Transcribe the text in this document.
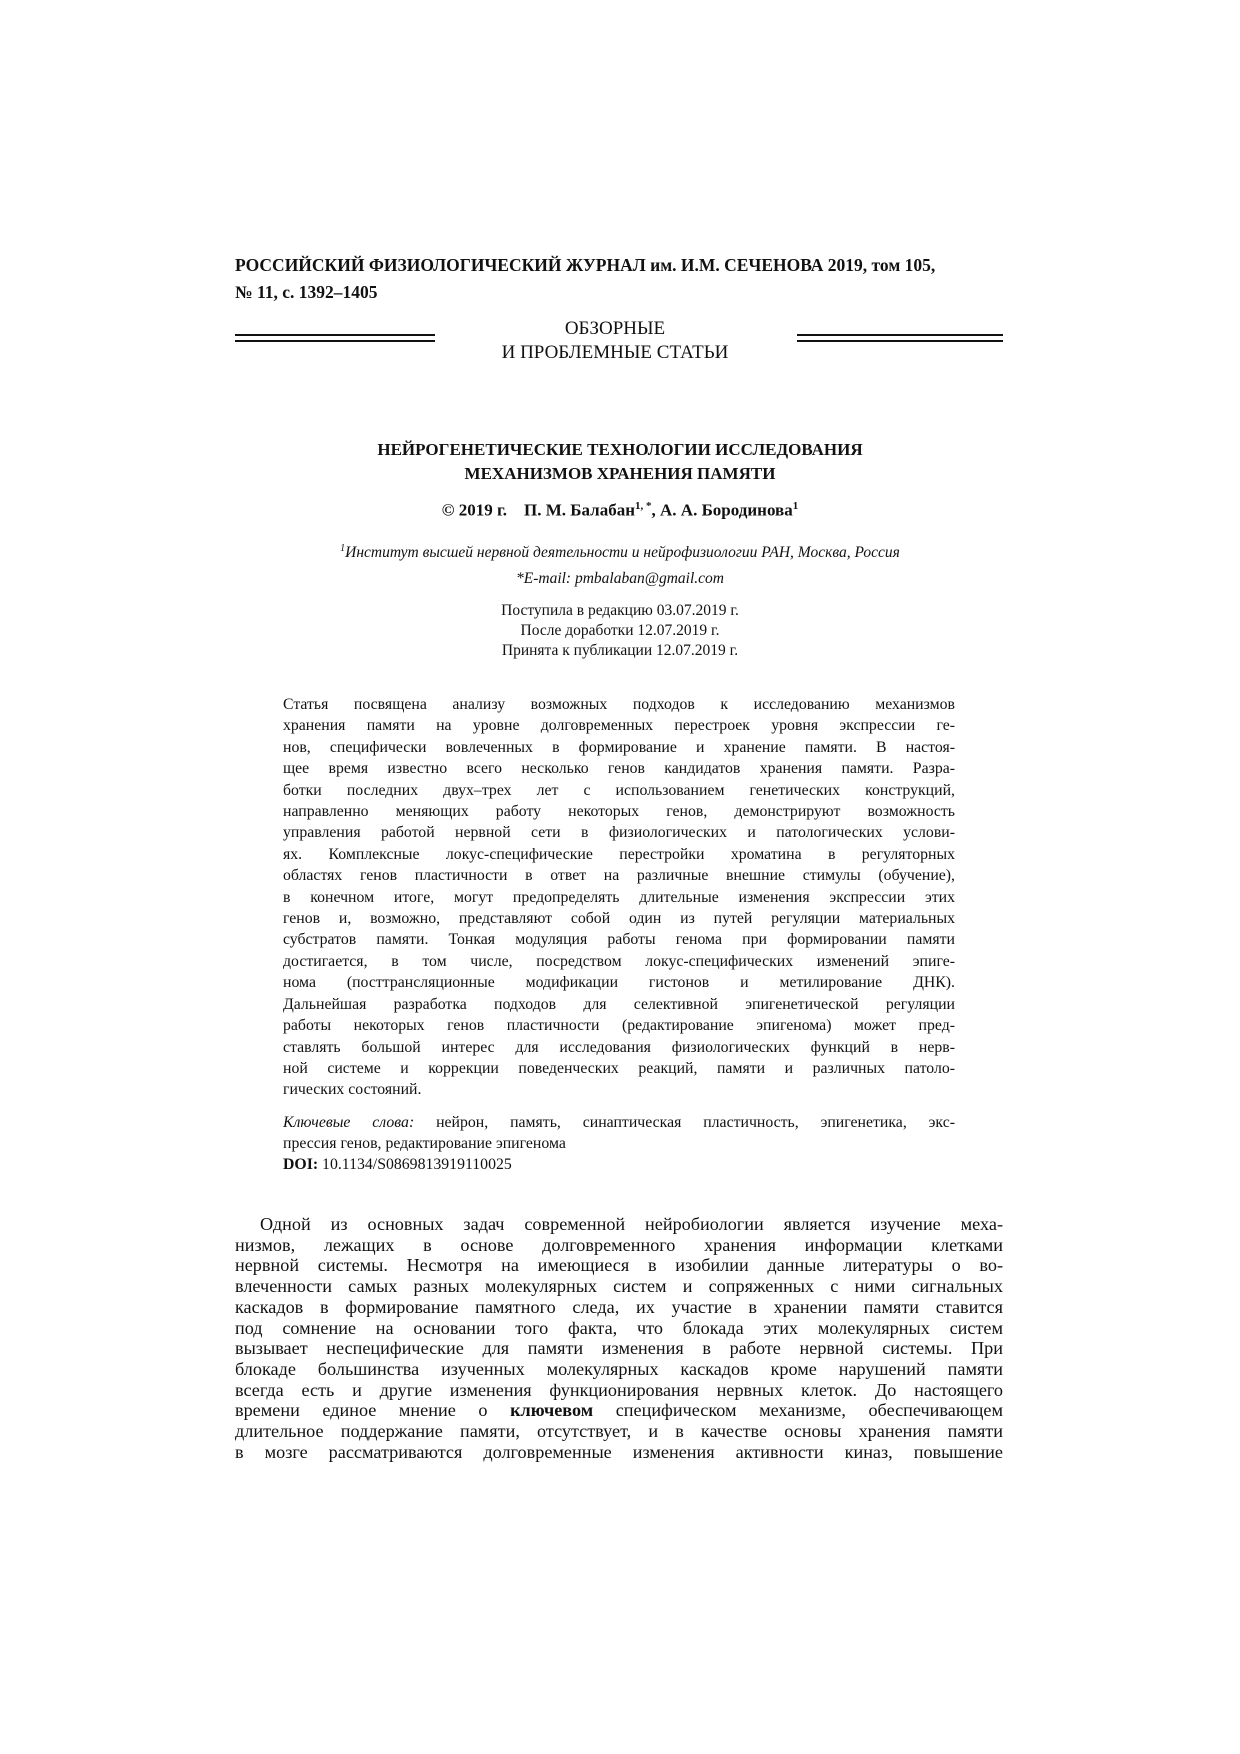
РОССИЙСКИЙ ФИЗИОЛОГИЧЕСКИЙ ЖУРНАЛ им. И.М. СЕЧЕНОВА 2019, том 105,
№ 11, с. 1392–1405
ОБЗОРНЫЕ
И ПРОБЛЕМНЫЕ СТАТЬИ
НЕЙРОГЕНЕТИЧЕСКИЕ ТЕХНОЛОГИИ ИССЛЕДОВАНИЯ
МЕХАНИЗМОВ ХРАНЕНИЯ ПАМЯТИ
© 2019 г. П. М. Балабан$^{1, *}$, А. А. Бородинова$^1$
$^1$Институт высшей нервной деятельности и нейрофизиологии РАН, Москва, Россия
*E-mail: pmbalaban@gmail.com
Поступила в редакцию 03.07.2019 г.
После доработки 12.07.2019 г.
Принята к публикации 12.07.2019 г.
Статья посвящена анализу возможных подходов к исследованию механизмов
хранения памяти на уровне долговременных перестроек уровня экспрессии ге-
нов, специфически вовлеченных в формирование и хранение памяти. В настоя-
щее время известно всего несколько генов кандидатов хранения памяти. Разра-
ботки последних двух–трех лет с использованием генетических конструкций,
направленно меняющих работу некоторых генов, демонстрируют возможность
управления работой нервной сети в физиологических и патологических услови-
ях. Комплексные локус-специфические перестройки хроматина в регуляторных
областях генов пластичности в ответ на различные внешние стимулы (обучение),
в конечном итоге, могут предопределять длительные изменения экспрессии этих
генов и, возможно, представляют собой один из путей регуляции материальных
субстратов памяти. Тонкая модуляция работы генома при формировании памяти
достигается, в том числе, посредством локус-специфических изменений эпиге-
нома (посттрансляционные модификации гистонов и метилирование ДНК).
Дальнейшая разработка подходов для селективной эпигенетической регуляции
работы некоторых генов пластичности (редактирование эпигенома) может пред-
ставлять большой интерес для исследования физиологических функций в нерв-
ной системе и коррекции поведенческих реакций, памяти и различных патоло-
гических состояний.
Ключевые слова: нейрон, память, синаптическая пластичность, эпигенетика, экс-
прессия генов, редактирование эпигенома
DOI: 10.1134/S0869813919110025
Одной из основных задач современной нейробиологии является изучение меха-
низмов, лежащих в основе долговременного хранения информации клетками
нервной системы. Несмотря на имеющиеся в изобилии данные литературы о во-
влеченности самых разных молекулярных систем и сопряженных с ними сигнальных
каскадов в формирование памятного следа, их участие в хранении памяти ставится
под сомнение на основании того факта, что блокада этих молекулярных систем
вызывает неспецифические для памяти изменения в работе нервной системы. При
блокаде большинства изученных молекулярных каскадов кроме нарушений памяти
всегда есть и другие изменения функционирования нервных клеток. До настоящего
времени единое мнение о ключевом специфическом механизме, обеспечивающем
длительное поддержание памяти, отсутствует, и в качестве основы хранения памяти
в мозге рассматриваются долговременные изменения активности киназ, повышение
